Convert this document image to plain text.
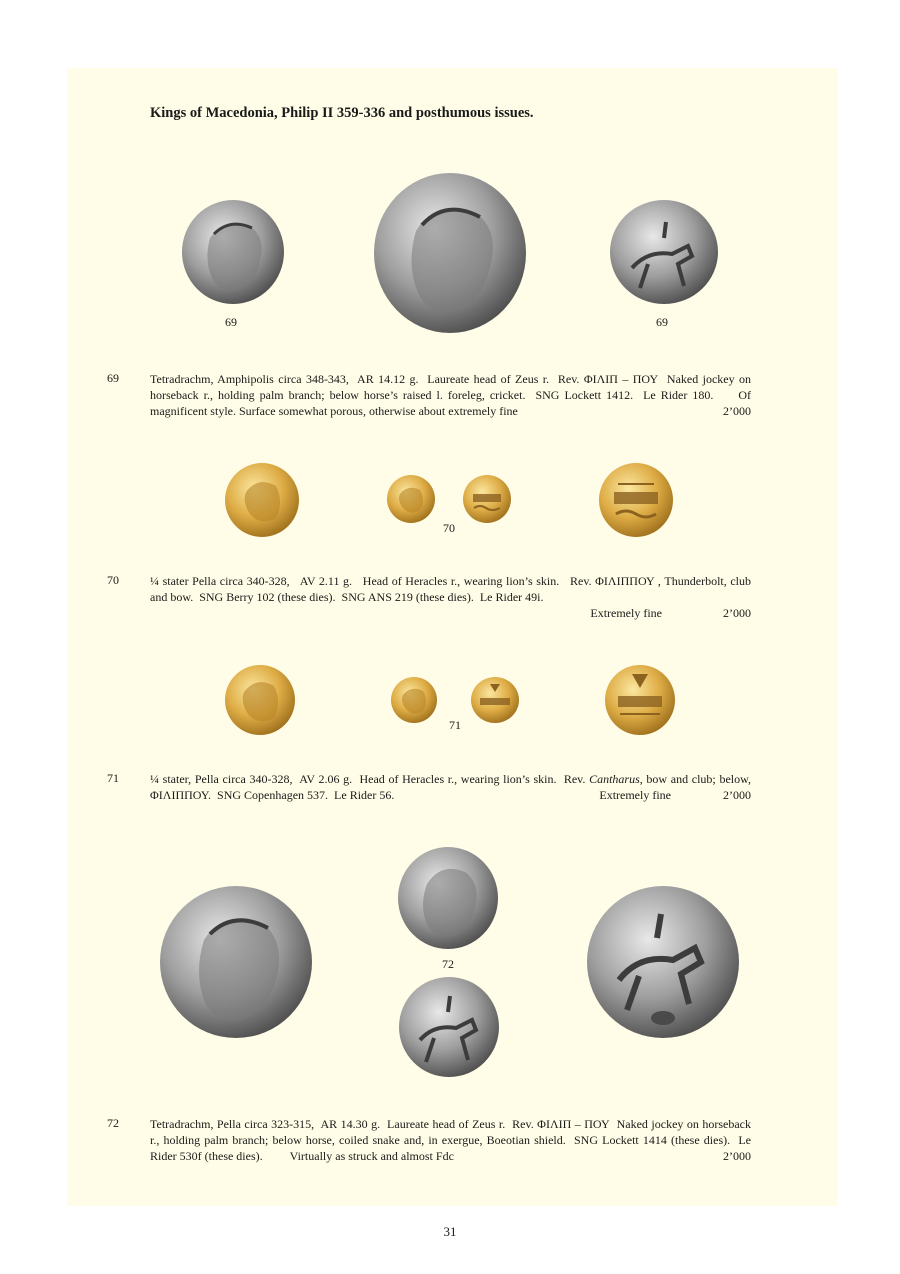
Kings of Macedonia, Philip II 359-336 and posthumous issues.
69	69
69	Tetradrachm, Amphipolis circa 348-343,  AR 14.12 g.  Laureate head of Zeus r.  Rev. ΦΙΛΙΠ – ΠΟΥ  Naked jockey on horseback r., holding palm branch; below horse’s raised l. foreleg, cricket.  SNG Lockett 1412.  Le Rider 180. Of magnificent style. Surface somewhat porous, otherwise about extremely fine	2’000
70
70	¼ stater Pella circa 340-328,   AV 2.11 g.   Head of Heracles r., wearing lion’s skin.   Rev. ΦΙΛΙΠΠΟΥ , Thunderbolt, club and bow.  SNG Berry 102 (these dies).  SNG ANS 219 (these dies).  Le Rider 49i.
Extremely fine	2’000
71
71	¼ stater, Pella circa 340-328,  AV 2.06 g.  Head of Heracles r., wearing lion’s skin.  Rev. Cantharus, bow and club; below, ΦΙΛΙΠΠΟΥ.  SNG Copenhagen 537.  Le Rider 56.	2’000
Extremely fine
72
72	Tetradrachm, Pella circa 323-315,  AR 14.30 g.  Laureate head of Zeus r.  Rev. ΦΙΛΙΠ – ΠΟΥ  Naked jockey on horseback r., holding palm branch; below horse, coiled snake and, in exergue, Boeotian shield.  SNG Lockett 1414 (these dies).  Le Rider 530f (these dies). Virtually as struck and almost Fdc	2’000
31
